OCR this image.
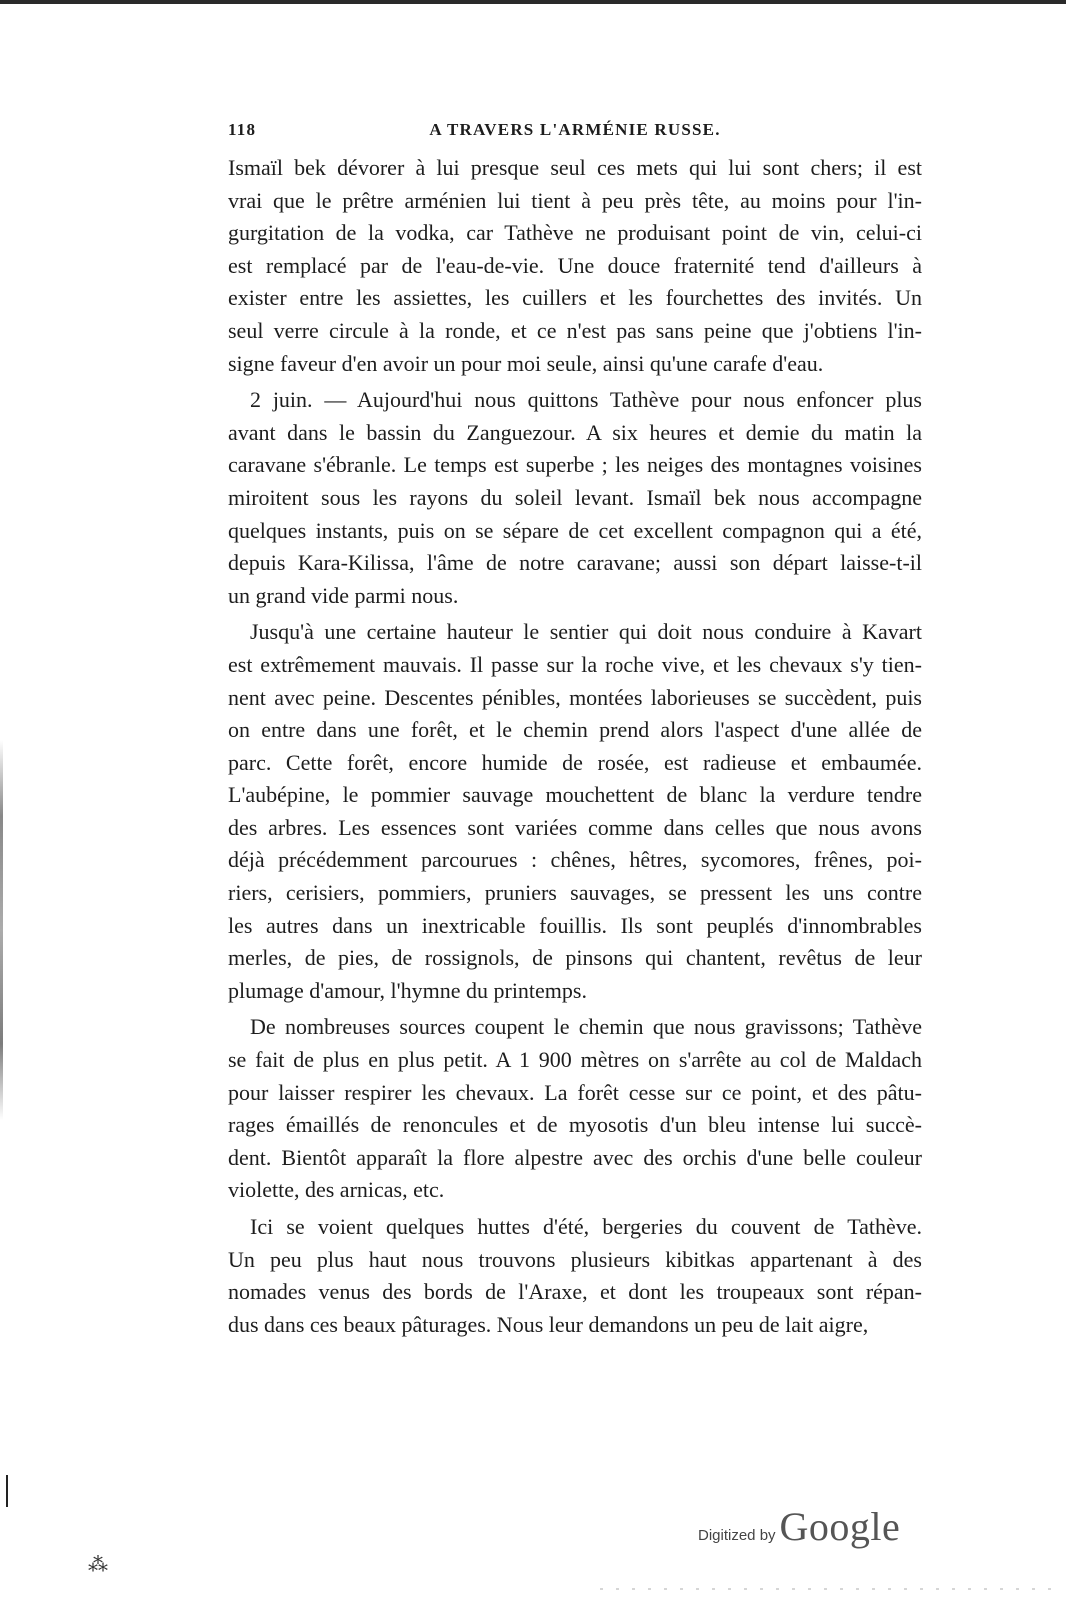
⁂
118	A TRAVERS L'ARMÉNIE RUSSE.
Ismaïl bek dévorer à lui presque seul ces mets qui lui sont chers; il est
vrai que le prêtre arménien lui tient à peu près tête, au moins pour l'in-
gurgitation de la vodka, car Tathève ne produisant point de vin, celui-ci
est remplacé par de l'eau-de-vie. Une douce fraternité tend d'ailleurs à
exister entre les assiettes, les cuillers et les fourchettes des invités. Un
seul verre circule à la ronde, et ce n'est pas sans peine que j'obtiens l'in-
signe faveur d'en avoir un pour moi seule, ainsi qu'une carafe d'eau.
2 juin. — Aujourd'hui nous quittons Tathève pour nous enfoncer plus
avant dans le bassin du Zanguezour. A six heures et demie du matin la
caravane s'ébranle. Le temps est superbe ; les neiges des montagnes voisines
miroitent sous les rayons du soleil levant. Ismaïl bek nous accompagne
quelques instants, puis on se sépare de cet excellent compagnon qui a été,
depuis Kara-Kilissa, l'âme de notre caravane; aussi son départ laisse-t-il
un grand vide parmi nous.
Jusqu'à une certaine hauteur le sentier qui doit nous conduire à Kavart
est extrêmement mauvais. Il passe sur la roche vive, et les chevaux s'y tien-
nent avec peine. Descentes pénibles, montées laborieuses se succèdent, puis
on entre dans une forêt, et le chemin prend alors l'aspect d'une allée de
parc. Cette forêt, encore humide de rosée, est radieuse et embaumée.
L'aubépine, le pommier sauvage mouchettent de blanc la verdure tendre
des arbres. Les essences sont variées comme dans celles que nous avons
déjà précédemment parcourues : chênes, hêtres, sycomores, frênes, poi-
riers, cerisiers, pommiers, pruniers sauvages, se pressent les uns contre
les autres dans un inextricable fouillis. Ils sont peuplés d'innombrables
merles, de pies, de rossignols, de pinsons qui chantent, revêtus de leur
plumage d'amour, l'hymne du printemps.
De nombreuses sources coupent le chemin que nous gravissons; Tathève
se fait de plus en plus petit. A 1 900 mètres on s'arrête au col de Maldach
pour laisser respirer les chevaux. La forêt cesse sur ce point, et des pâtu-
rages émaillés de renoncules et de myosotis d'un bleu intense lui succè-
dent. Bientôt apparaît la flore alpestre avec des orchis d'une belle couleur
violette, des arnicas, etc.
Ici se voient quelques huttes d'été, bergeries du couvent de Tathève.
Un peu plus haut nous trouvons plusieurs kibitkas appartenant à des
nomades venus des bords de l'Araxe, et dont les troupeaux sont répan-
dus dans ces beaux pâturages. Nous leur demandons un peu de lait aigre,
Digitized by Google
